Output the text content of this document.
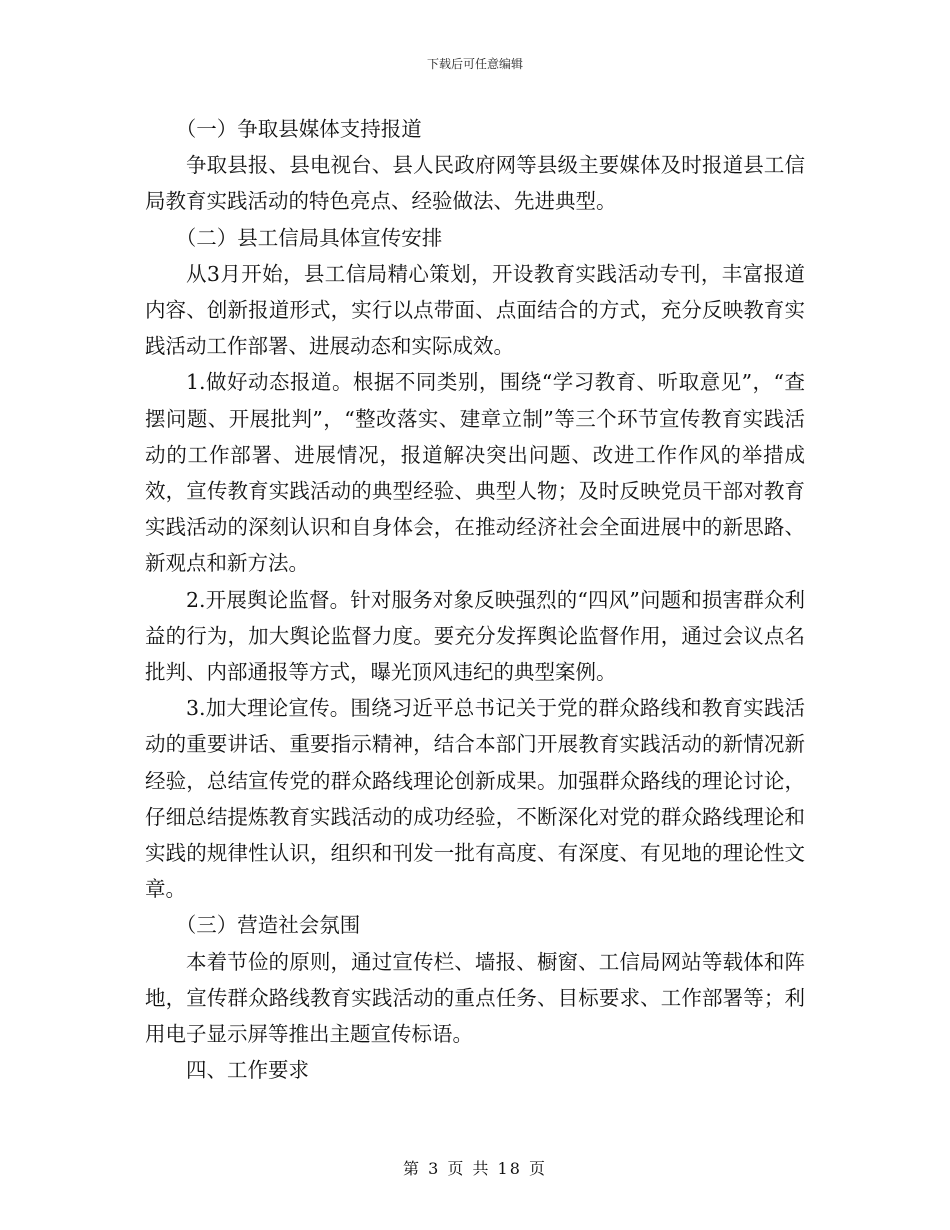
下载后可任意编辑

（一）争取县媒体支持报道

争取县报、县电视台、县人民政府网等县级主要媒体及时报道县工信局教育实践活动的特色亮点、经验做法、先进典型。

（二）县工信局具体宣传安排

从3月开始，县工信局精心策划，开设教育实践活动专刊，丰富报道内容、创新报道形式，实行以点带面、点面结合的方式，充分反映教育实践活动工作部署、进展动态和实际成效。

1.做好动态报道。根据不同类别，围绕“学习教育、听取意见”，“查摆问题、开展批判”，“整改落实、建章立制”等三个环节宣传教育实践活动的工作部署、进展情况，报道解决突出问题、改进工作作风的举措成效，宣传教育实践活动的典型经验、典型人物；及时反映党员干部对教育实践活动的深刻认识和自身体会，在推动经济社会全面进展中的新思路、新观点和新方法。

2.开展舆论监督。针对服务对象反映强烈的“四风”问题和损害群众利益的行为，加大舆论监督力度。要充分发挥舆论监督作用，通过会议点名批判、内部通报等方式，曝光顶风违纪的典型案例。

3.加大理论宣传。围绕习近平总书记关于党的群众路线和教育实践活动的重要讲话、重要指示精神，结合本部门开展教育实践活动的新情况新经验，总结宣传党的群众路线理论创新成果。加强群众路线的理论讨论，仔细总结提炼教育实践活动的成功经验，不断深化对党的群众路线理论和实践的规律性认识，组织和刊发一批有高度、有深度、有见地的理论性文章。

（三）营造社会氛围

本着节俭的原则，通过宣传栏、墙报、橱窗、工信局网站等载体和阵地，宣传群众路线教育实践活动的重点任务、目标要求、工作部署等；利用电子显示屏等推出主题宣传标语。

四、工作要求

第 3 页 共 18 页
